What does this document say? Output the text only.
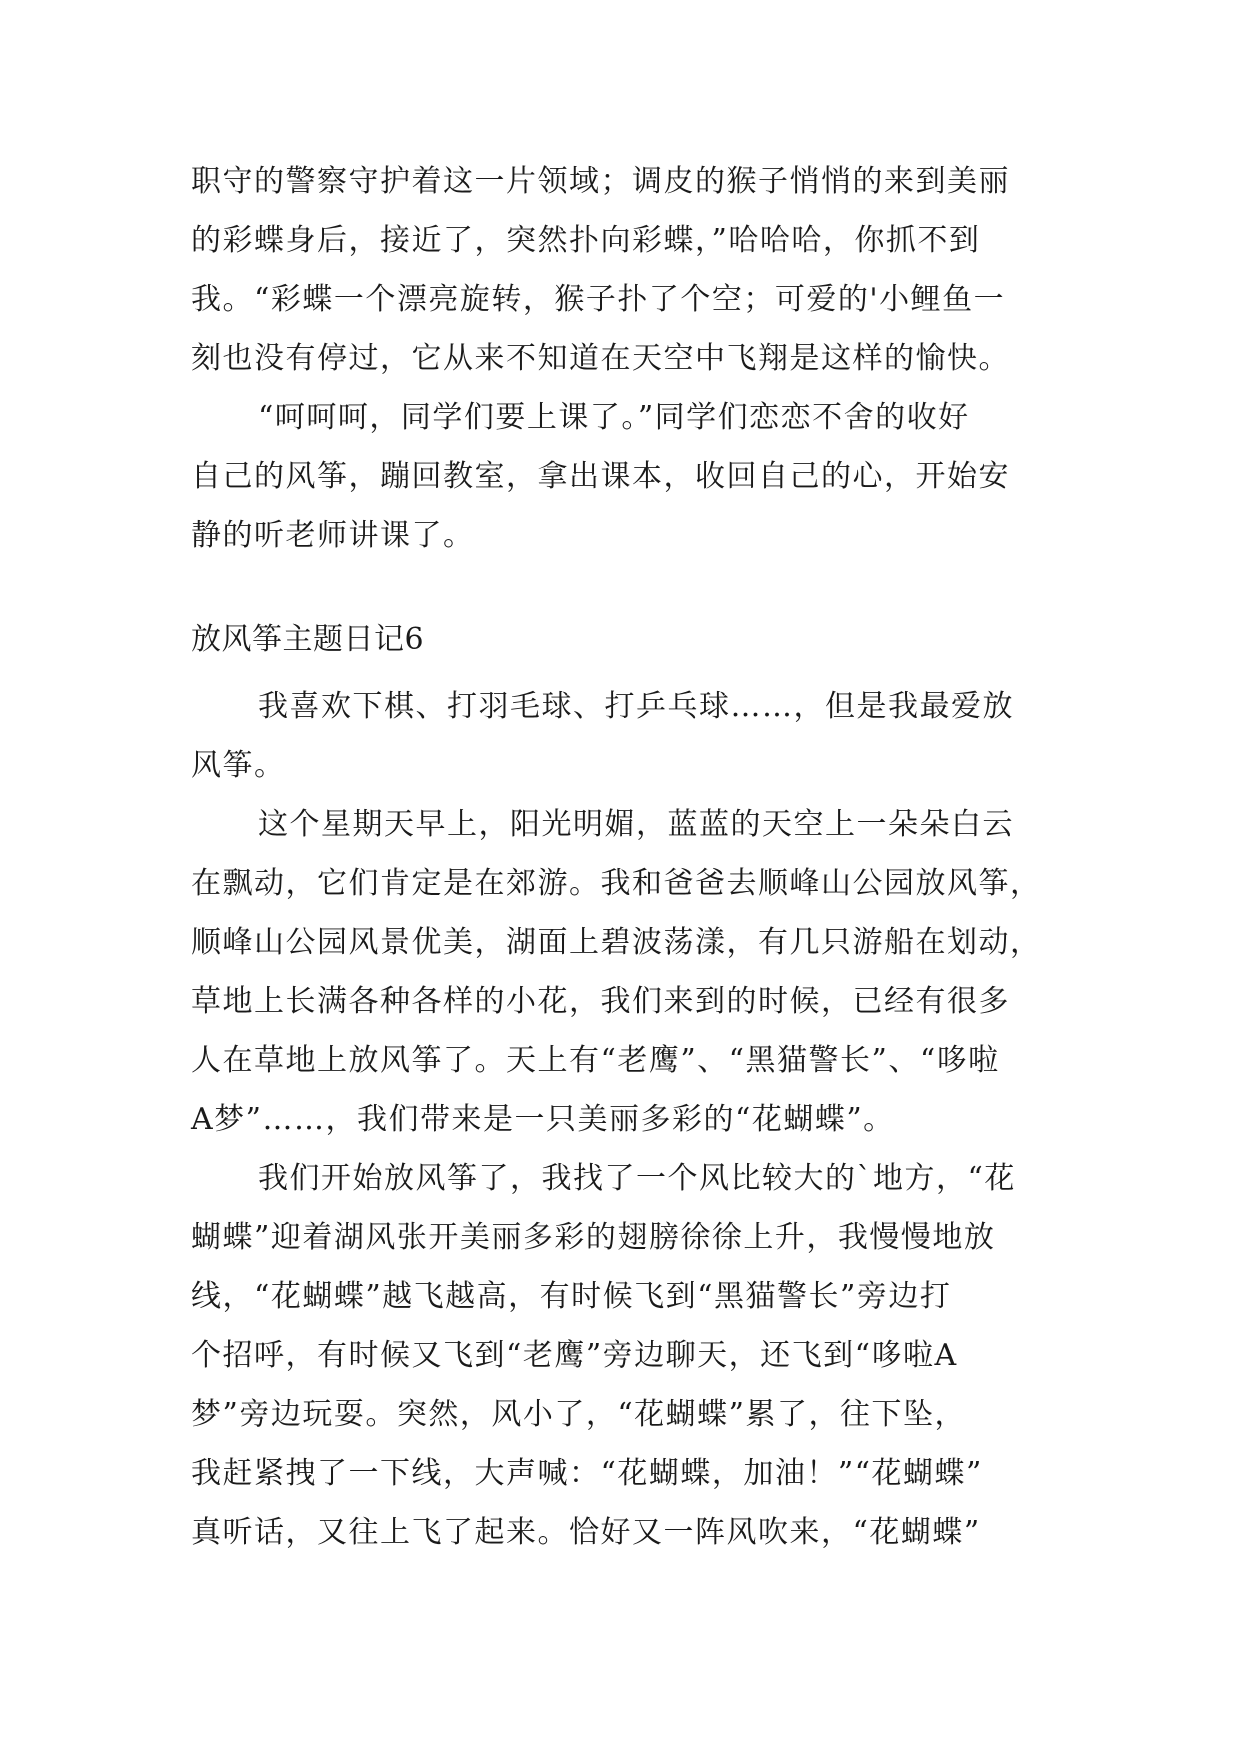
职守的警察守护着这一片领域；调皮的猴子悄悄的来到美丽
的彩蝶身后，接近了，突然扑向彩蝶，”哈哈哈，你抓不到
我。“彩蝶一个漂亮旋转，猴子扑了个空；可爱的'小鲤鱼一
刻也没有停过，它从来不知道在天空中飞翔是这样的愉快。
“呵呵呵，同学们要上课了。”同学们恋恋不舍的收好
自己的风筝，蹦回教室，拿出课本，收回自己的心，开始安
静的听老师讲课了。
放风筝主题日记6
我喜欢下棋、打羽毛球、打乒乓球……，但是我最爱放
风筝。
这个星期天早上，阳光明媚，蓝蓝的天空上一朵朵白云
在飘动，它们肯定是在郊游。我和爸爸去顺峰山公园放风筝，
顺峰山公园风景优美，湖面上碧波荡漾，有几只游船在划动，
草地上长满各种各样的小花，我们来到的时候，已经有很多
人在草地上放风筝了。天上有“老鹰”、“黑猫警长”、“哆啦
A梦”……，我们带来是一只美丽多彩的“花蝴蝶”。
我们开始放风筝了，我找了一个风比较大的`地方，“花
蝴蝶”迎着湖风张开美丽多彩的翅膀徐徐上升，我慢慢地放
线，“花蝴蝶”越飞越高，有时候飞到“黑猫警长”旁边打
个招呼，有时候又飞到“老鹰”旁边聊天，还飞到“哆啦A
梦”旁边玩耍。突然，风小了，“花蝴蝶”累了，往下坠，
我赶紧拽了一下线，大声喊：“花蝴蝶，加油！”“花蝴蝶”
真听话，又往上飞了起来。恰好又一阵风吹来，“花蝴蝶”
